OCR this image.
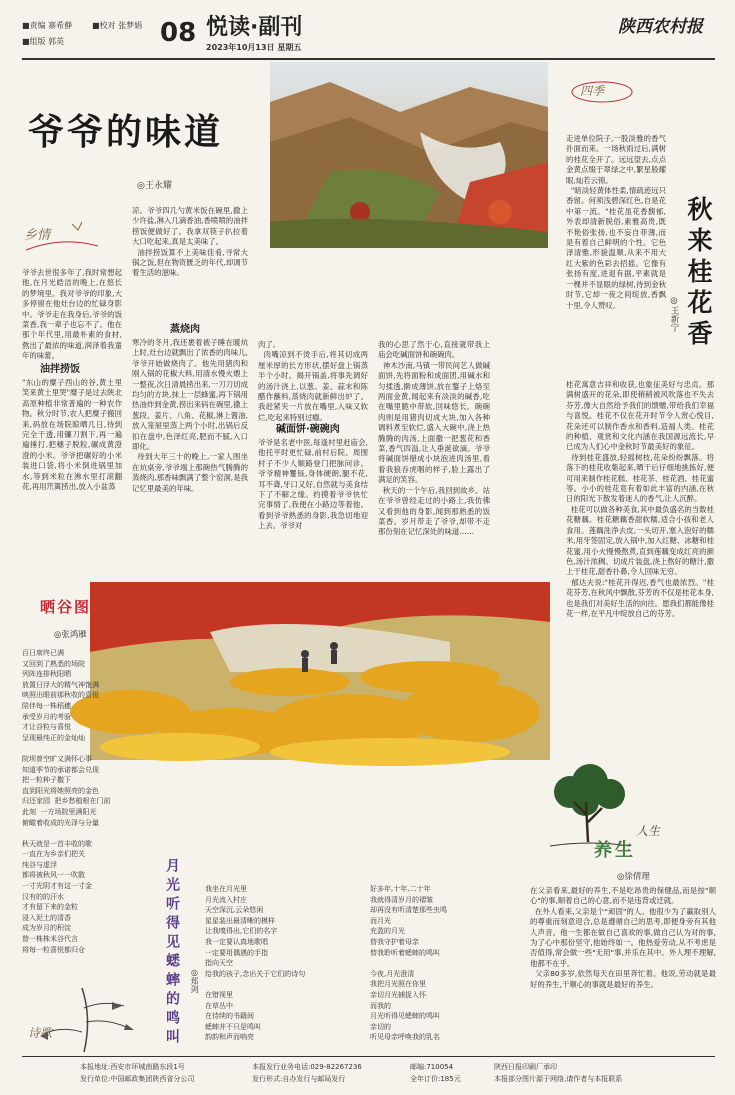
■责编 寨希静 ■校对 张梦娟
■组版 郭英	08 悦读·副刊
2023年10月13日 星期五
陕西农村报
爷爷的味道
◎王永耀
乡情
爷爷去世很多年了,我时常想起他,在月光皓洁的晚上,在悠长的梦境里。我对爷爷的印象,大多停留在他灶台边的忙碌身影中。爷爷走在我身后,爷爷的饭菜香,我一辈子也忘不了。他在那个年代里,用最朴素的食材,熬出了最浓的味道,润泽着我童年的味蕾。
油拌捞饭
"东山的糜子西山的谷,黄土里笑来黄土里哭"糜子是过去陕北高原种植非常普遍的一种农作物。秋分时节,农人把糜子搬回来,码放在场院晾晒几日,待到完全干透,用镰刀割下,再一遍遍捶打,把穗子脱粒,碾成黄澄澄的小米。爷爷把碾好的小米装进口袋,将小米倒进锅里加水,等到米粒在沸水里打滚翻花,再用笊篱捞出,放入小盆蒸
凉。爷爷四几勺黄米饭在碗里,撒上少许盐,淋入几滴香油,香喷喷的油拌捞饭便做好了。我拿双筷子扒拉着大口吃起来,真是太美味了。
油拌捞饭算不上美味佳肴,寻常大锅之饭,但在物资匮乏的年代,却调节着生活的滋味。
蒸烧肉
寒冷的冬月,我还裹着被子睡在暖炕上时,灶台边就飘出了浓香的肉味儿,爷爷开始做烧肉了。他先用猪肉和刚入锅的花椒大料,用清水慢火煨上一整夜,次日清晨捞出来,一刀刀切成均匀的方块,抹上一层蜂蜜,再下锅用热油炸到金黄,捞出来码在碗里,撒上葱段、姜片、八角、花椒,淋上酱油,放入笼屉里蒸上两个小时,出锅后反扣在盘中,色泽红亮,肥而不腻,入口即化。
待到大年三十的晚上,一家人围坐在炕桌旁,爷爷端上那碗热气腾腾的蒸烧肉,那香味飘满了整个窑洞,是我记忆里最美的年味。
肉了。
肉嘴凉到不烫手后,将其切成两厘米厚的长方形状,摆好盘上锅蒸半个小时。揭开锅盖,将事先调好的汤汁浇上,以葱、姜、蒜末和陈醋作蘸料,蒸烧肉就新鲜出炉了。我赶紧夹一片放在嘴里,入味又软烂,吃起来特别过瘾。
碱面饼·碗碗肉
爷爷是名老中医,每逢村里赶庙会,他托平时更忙碌,前村后院、周围村子不少人顺路登门把脉问诊。爷爷精神矍铄,身体硬朗,腿不花,耳不聋,牙口又好,自然就与美食结下了不解之缘。约摸着爷爷快忙完事情了,我便在小路边等着他。看到爷爷熟悉的身影,我急切地迎上去。爷爷对
我的心思了然于心,直接就带我上庙会吃碱面饼和碗碗肉。
神木沙南,马镇一带民间艺人做碱面饼,先将面粉和成面团,用碱水和匀揉透,擀成薄饼,放在鏊子上烙至两面金黄,闻起来有淡淡的碱香,吃在嘴里脆中带软,回味悠长。碗碗肉则是用猪肉切成大块,加入各种调料煮至软烂,盛入大碗中,浇上热腾腾的肉汤,上面撒一把葱花和香菜,香气四溢,让人垂涎欲滴。爷爷将碱面饼掰成小块泡进肉汤里,看着我狼吞虎咽的样子,脸上露出了满足的笑容。
秋天的一个午后,我回到故乡。站在爷爷曾经走过的小路上,我仿佛又看到他的身影,闻到那熟悉的饭菜香。岁月带走了爷爷,却带不走那份刻在记忆深处的味道……
四季
走进单位院子,一股淡雅的香气扑面而来。一场秋雨过后,满树的桂花全开了。远远望去,点点金黄点缀于翠绿之中,繁星般耀眼,灿若云锦。
"暗淡轻黄体性柔,情疏迹远只香留。何须浅碧深红色,自是花中第一流。"桂花虽花香馥郁,外表却清新脱俗,素雅高贵,既不艳俗张扬,也不妄自菲薄,而是有着自己鲜明的个性。它色泽清雅,形貌温顺,从来不用大红大紫的色彩去招摇。它像有张扬有度,进退有据,平素就是一棵并不显眼的绿树,待到金秋时节,它却一夜之间绽放,香飘十里,令人赞叹。	秋来桂花香
◎王新宁
桂花寓意吉祥和收获,也象征美好与忠贞。那满树盛开的花朵,即使稍稍被风吹落也不失去芬芳,像大自然给予我们的馈赠,带给我们幸福与喜悦。桂花不仅在花开时节令人赏心悦目,花朵还可以制作香水和香料,造福人类。桂花的种植、观赏和文化内涵在我国源远流长,早已成为人们心中金秋时节最美好的象征。
待到桂花盛放,轻摇树枝,花朵纷纷飘落。将落下的桂花收集起来,晒干后仔细地挑拣好,便可用来制作桂花糕、桂花茶、桂花酒、桂花蜜等。小小的桂花竟有着如此丰富的内涵,在秋日的阳光下散发着迷人的香气,让人沉醉。
桂花可以做各种美食,其中最负盛名的当数桂花糖藕。桂花糖藕香甜软糯,适合小孩和老人食用。莲藕洗净去皮,一头切开,塞入泡好的糯米,用牙签固定,放入锅中,加入红糖、冰糖和桂花蜜,用小火慢慢熬煮,直到莲藕变成红亮的颜色,汤汁浓稠。切成片装盘,浇上熬好的糖汁,撒上干桂花,甜香扑鼻,令人回味无穷。
郁达夫说:"桂花开得迟,香气也最浓烈。"桂花芬芳,在秋风中飘散,芬芳的不仅是桂花本身,也是我们对美好生活的向往。愿我们都能像桂花一样,在平凡中绽放自己的芬芳。
晒谷图
◎张鸿雁
百日席终已满
又回到了熟悉的场院
列阵连排秋阳晒
放置日浮大的精气神饱满
映照出眼前那秋收的喜悦
陪伴每一株稻穗
承受岁月的考验
才让谷粒与喜悦
呈现最纯正的金灿灿

院坝曾空旷又满怀心事
知道季节的承诺都会兑现
把一粒种子撒下
直到阳光将她照亮的金色
归还家园  把乡愁植根在门前
此刻  一方场院里满阳光
俯瞰着收成的光泽与分量

秋天就是一首丰收的歌
一直在为乡亲们把关
纯谷与虚浮
都将被秋风一一吹散
一寸光阴才有这一寸金
汉有的的汗水
才有留下来的金粒
浸入泥土的清香
成为岁月的积淀
替一株株米谷代言
将每一粒喜悦都归仓	月光听得见蟋蟀的鸣叫 ◎郑剑
我坐在月光里
月光流入村庄
天空深沉,云朵悠闲
星星装出最清晰的模样
让我嗅得出,它们的名字
我一定要认真地歌唱
一定要用偶遇的手指
指向天空
给我的孩子,念出关于它们的诗句

在错视里
在草丛中
在待续的书籍间
蟋蟀并不只是鸣叫
韵韵和声而响亮
好多年,十年,二十年
我就得清岁月的褶皱
却再没有听清楚那些虫鸣
而月光
充盈的月光
替我守护着母亲
替我聆听着蟋蟀的鸣叫

今夜,月光澄清
我把月光照在你里
亲切月光捕捉入怀
而我的
月光听得见蟋蟀的鸣叫
亲切的
听见母亲呼唤我的乳名
诗歌
人生
养生
◎徐倩理
在父亲看来,最好的养生,不是吃昂贵的保健品,而是按"顺心"的事,顺着自己的心意,而不是违背或迁就。
在外人看来,父亲是个"顽固"的人。他很少为了赢取别人的尊重而刻意迎合,总是遵循自己的思考,即便身旁有其他人声音。他一生都在做自己喜欢的事,做自己认为对的事,为了心中那份坚守,他始终如一。他热爱劳动,从不考虑是否值得,常会做一些"无用"事,并乐在其中。外人理不理解,他都不在乎。
父亲80多岁,依然每天在田里奔忙着。他说,劳动就是最好的养生,干顺心的事就是最好的养生。
本报地址:西安市环城南路东段1号
发行单位:中国邮政集团陕西省分公司
本报发行业务电话:029-82267236
发行形式:自办发行与邮局发行
邮编:710054
全年订价:185元
陕西日报印刷厂承印
本报部分图片源于网络,请作者与本报联系
